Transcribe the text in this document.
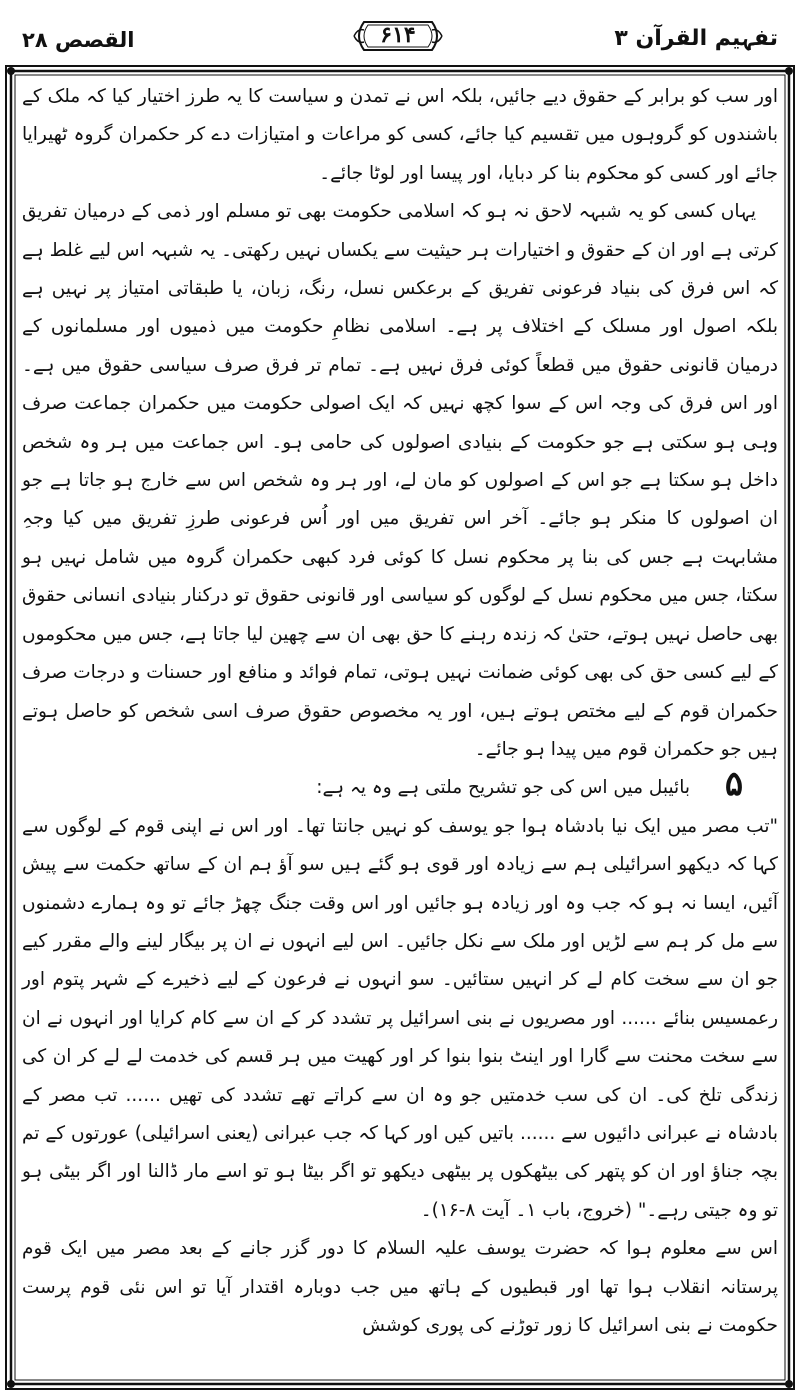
القصص ۲۸	۶۱۴	تفہیم القرآن ۳

اور سب کو برابر کے حقوق دیے جائیں، بلکہ اس نے تمدن و سیاست کا یہ طرز اختیار کیا کہ ملک کے باشندوں کو گروہوں میں تقسیم کیا جائے، کسی کو مراعات و امتیازات دے کر حکمران گروہ ٹھیرایا جائے اور کسی کو محکوم بنا کر دبایا، اور پیسا اور لوٹا جائے۔

یہاں کسی کو یہ شبہہ لاحق نہ ہو کہ اسلامی حکومت بھی تو مسلم اور ذمی کے درمیان تفریق کرتی ہے اور ان کے حقوق و اختیارات ہر حیثیت سے یکساں نہیں رکھتی۔ یہ شبہہ اس لیے غلط ہے کہ اس فرق کی بنیاد فرعونی تفریق کے برعکس نسل، رنگ، زبان، یا طبقاتی امتیاز پر نہیں ہے بلکہ اصول اور مسلک کے اختلاف پر ہے۔ اسلامی نظامِ حکومت میں ذمیوں اور مسلمانوں کے درمیان قانونی حقوق میں قطعاً کوئی فرق نہیں ہے۔ تمام تر فرق صرف سیاسی حقوق میں ہے۔ اور اس فرق کی وجہ اس کے سوا کچھ نہیں کہ ایک اصولی حکومت میں حکمران جماعت صرف وہی ہو سکتی ہے جو حکومت کے بنیادی اصولوں کی حامی ہو۔ اس جماعت میں ہر وہ شخص داخل ہو سکتا ہے جو اس کے اصولوں کو مان لے، اور ہر وہ شخص اس سے خارج ہو جاتا ہے جو ان اصولوں کا منکر ہو جائے۔ آخر اس تفریق میں اور اُس فرعونی طرزِ تفریق میں کیا وجہِ مشابہت ہے جس کی بنا پر محکوم نسل کا کوئی فرد کبھی حکمران گروہ میں شامل نہیں ہو سکتا، جس میں محکوم نسل کے لوگوں کو سیاسی اور قانونی حقوق تو درکنار بنیادی انسانی حقوق بھی حاصل نہیں ہوتے، حتیٰ کہ زندہ رہنے کا حق بھی ان سے چھین لیا جاتا ہے، جس میں محکوموں کے لیے کسی حق کی بھی کوئی ضمانت نہیں ہوتی، تمام فوائد و منافع اور حسنات و درجات صرف حکمران قوم کے لیے مختص ہوتے ہیں، اور یہ مخصوص حقوق صرف اسی شخص کو حاصل ہوتے ہیں جو حکمران قوم میں پیدا ہو جائے۔

۵
بائیبل میں اس کی جو تشریح ملتی ہے وہ یہ ہے:

"تب مصر میں ایک نیا بادشاہ ہوا جو یوسف کو نہیں جانتا تھا۔ اور اس نے اپنی قوم کے لوگوں سے کہا کہ دیکھو اسرائیلی ہم سے زیادہ اور قوی ہو گئے ہیں سو آؤ ہم ان کے ساتھ حکمت سے پیش آئیں، ایسا نہ ہو کہ جب وہ اور زیادہ ہو جائیں اور اس وقت جنگ چھڑ جائے تو وہ ہمارے دشمنوں سے مل کر ہم سے لڑیں اور ملک سے نکل جائیں۔ اس لیے انہوں نے ان پر بیگار لینے والے مقرر کیے جو ان سے سخت کام لے کر انہیں ستائیں۔ سو انہوں نے فرعون کے لیے ذخیرے کے شہر پتوم اور رعمسیس بنائے ...... اور مصریوں نے بنی اسرائیل پر تشدد کر کے ان سے کام کرایا اور انہوں نے ان سے سخت محنت سے گارا اور اینٹ بنوا بنوا کر اور کھیت میں ہر قسم کی خدمت لے لے کر ان کی زندگی تلخ کی۔ ان کی سب خدمتیں جو وہ ان سے کراتے تھے تشدد کی تھیں ...... تب مصر کے بادشاہ نے عبرانی دائیوں سے ...... باتیں کیں اور کہا کہ جب عبرانی (یعنی اسرائیلی) عورتوں کے تم بچہ جناؤ اور ان کو پتھر کی بیٹھکوں پر بیٹھی دیکھو تو اگر بیٹا ہو تو اسے مار ڈالنا اور اگر بیٹی ہو تو وہ جیتی رہے۔" (خروج، باب ۱۔ آیت ۸-۱۶)۔

اس سے معلوم ہوا کہ حضرت یوسف علیہ السلام کا دور گزر جانے کے بعد مصر میں ایک قوم پرستانہ انقلاب ہوا تھا اور قبطیوں کے ہاتھ میں جب دوبارہ اقتدار آیا تو اس نئی قوم پرست حکومت نے بنی اسرائیل کا زور توڑنے کی پوری کوشش
